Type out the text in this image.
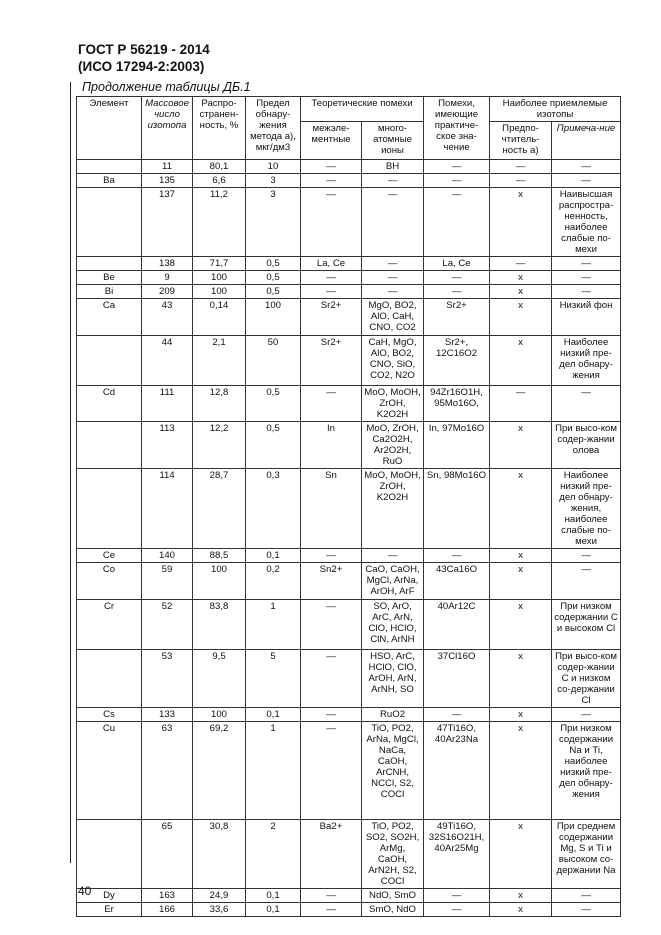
ГОСТ Р 56219 - 2014
(ИСО 17294-2:2003)
Продолжение таблицы ДБ.1
Элемент	Массовое число изотопа	Распро-странен-ность, %	Предел обнару-жения метода а), мкг/дм3	Теоретические помехи		Помехи, имеющие практиче-ское зна-чение	Наиболее приемлемые изотопы	
				межэле-ментные	много-атомные ионы		Предпо-чтитель-ность а)	Примеча-ние
	11	80,1	10	—	BH	—	—	—
Ba	135	6,6	3	—	—	—	—	—
	137	11,2	3	—	—	—	x	Наивысшая распростра-ненность, наиболее слабые по-мехи
	138	71,7	0,5	La, Ce	—	La, Ce	—	—
Be	9	100	0,5	—	—	—	x	—
Bi	209	100	0,5	—	—	—	x	—
Ca	43	0,14	100	Sr2+	MgO, BO2, AlO, CaH, CNO, CO2	Sr2+	x	Низкий фон
	44	2,1	50	Sr2+	CaH, MgO, AlO, BO2, CNO, SiO, CO2, N2O	Sr2+, 12C16O2	x	Наиболее низкий пре-дел обнару-жения
Cd	111	12,8	0,5	—	MoO, MoOH, ZrOH, K2O2H	94Zr16O1H, 95Mo16O,	—	—
	113	12,2	0,5	In	MoO, ZrOH, Ca2O2H, Ar2O2H, RuO	In, 97Mo16O	x	При высо-ком содер-жании олова
	114	28,7	0,3	Sn	MoO, MoOH, ZrOH, K2O2H	Sn, 98Mo16O	x	Наиболее низкий пре-дел обнару-жения, наиболее слабые по-мехи
Ce	140	88,5	0,1	—	—	—	x	—
Co	59	100	0,2	Sn2+	CaO, CaOH, MgCl, ArNa, ArOH, ArF	43Ca16O	x	—
Cr	52	83,8	1	—	SO, ArO, ArC, ArN, ClO, HClO, ClN, ArNH	40Ar12C	x	При низком содержании С и высоком Cl
	53	9,5	5	—	HSO, ArC, HClO, ClO, ArOH, ArN, ArNH, SO	37Cl16O	x	При высо-ком содер-жании С и низком со-держании Cl
Cs	133	100	0,1	—	RuO2	—	x	—
Cu	63	69,2	1	—	TiO, PO2, ArNa, MgCl, NaCa, CaOH, ArCNH, NCCl, S2, COCl	47Ti16O, 40Ar23Na	x	При низком содержании Na и Ti, наиболее низкий пре-дел обнару-жения
	65	30,8	2	Ba2+	TiO, PO2, SO2, SO2H, ArMg, CaOH, ArN2H, S2, COCl	49Ti16O, 32S16O21H, 40Ar25Mg	x	При среднем содержании Mg, S и Ti и высоком со-держании Na
Dy	163	24,9	0,1	—	NdO, SmO	—	x	—
Er	166	33,6	0,1	—	SmO, NdO	—	x	—
40
